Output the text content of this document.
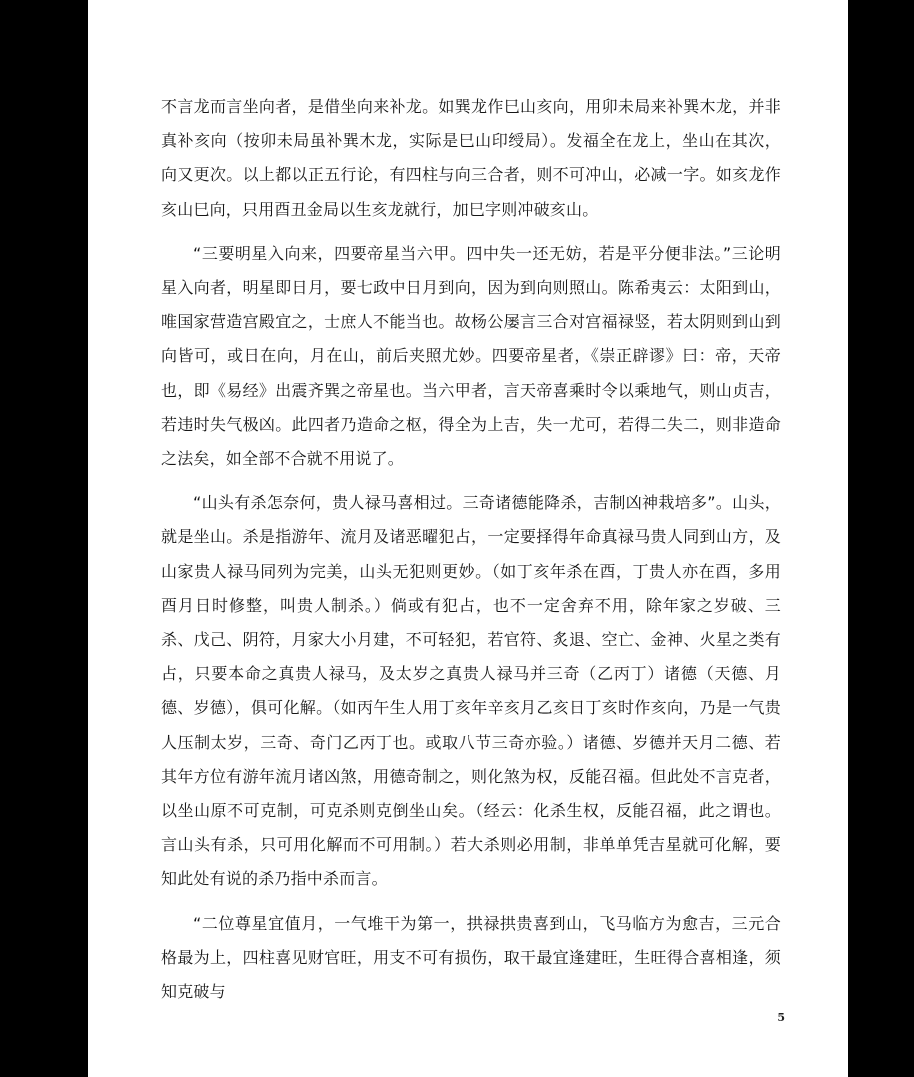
不言龙而言坐向者，是借坐向来补龙。如巽龙作巳山亥向，用卯未局来补巽木龙，并非真补亥向（按卯未局虽补巽木龙，实际是巳山印绶局）。发福全在龙上，坐山在其次，向又更次。以上都以正五行论，有四柱与向三合者，则不可冲山，必减一字。如亥龙作亥山巳向，只用酉丑金局以生亥龙就行，加巳字则冲破亥山。

“三要明星入向来，四要帝星当六甲。四中失一还无妨，若是平分便非法。”三论明星入向者，明星即日月，要七政中日月到向，因为到向则照山。陈希夷云：太阳到山，唯国家营造宫殿宜之，士庶人不能当也。故杨公屡言三合对宫福禄竖，若太阴则到山到向皆可，或日在向，月在山，前后夹照尤妙。四要帝星者，《崇正辟谬》曰：帝，天帝也，即《易经》出震齐巽之帝星也。当六甲者，言天帝喜乘时令以乘地气，则山贞吉，若违时失气极凶。此四者乃造命之枢，得全为上吉，失一尤可，若得二失二，则非造命之法矣，如全部不合就不用说了。

“山头有杀怎奈何，贵人禄马喜相过。三奇诸德能降杀，吉制凶神栽培多”。山头，就是坐山。杀是指游年、流月及诸恶曜犯占，一定要择得年命真禄马贵人同到山方，及山家贵人禄马同列为完美，山头无犯则更妙。（如丁亥年杀在酉，丁贵人亦在酉，多用酉月日时修整，叫贵人制杀。）倘或有犯占，也不一定舍弃不用，除年家之岁破、三杀、戊己、阴符，月家大小月建，不可轻犯，若官符、炙退、空亡、金神、火星之类有占，只要本命之真贵人禄马，及太岁之真贵人禄马并三奇（乙丙丁）诸德（天德、月德、岁德），俱可化解。（如丙午生人用丁亥年辛亥月乙亥日丁亥时作亥向，乃是一气贵人压制太岁，三奇、奇门乙丙丁也。或取八节三奇亦验。）诸德、岁德并天月二德、若其年方位有游年流月诸凶煞，用德奇制之，则化煞为权，反能召福。但此处不言克者，以坐山原不可克制，可克杀则克倒坐山矣。（经云：化杀生权，反能召福，此之谓也。言山头有杀，只可用化解而不可用制。）若大杀则必用制，非单单凭吉星就可化解，要知此处有说的杀乃指中杀而言。

“二位尊星宜值月，一气堆干为第一，拱禄拱贵喜到山，飞马临方为愈吉，三元合格最为上，四柱喜见财官旺，用支不可有损伤，取干最宜逢建旺，生旺得合喜相逢，须知克破与

5
